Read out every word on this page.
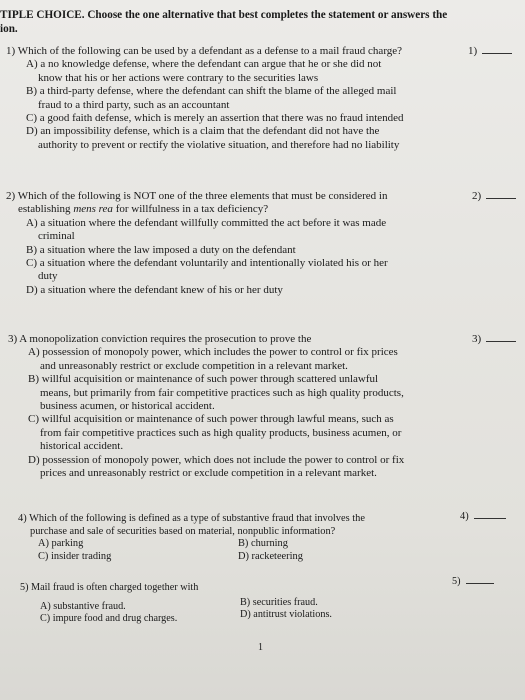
TIPLE CHOICE. Choose the one alternative that best completes the statement or answers the
ion.
1) Which of the following can be used by a defendant as a defense to a mail fraud charge?
A) a no knowledge defense, where the defendant can argue that he or she did not
know that his or her actions were contrary to the securities laws
B) a third-party defense, where the defendant can shift the blame of the alleged mail
fraud to a third party, such as an accountant
C) a good faith defense, which is merely an assertion that there was no fraud intended
D) an impossibility defense, which is a claim that the defendant did not have the
authority to prevent or rectify the violative situation, and therefore had no liability
1)
2) Which of the following is NOT one of the three elements that must be considered in
establishing mens rea for willfulness in a tax deficiency?
A) a situation where the defendant willfully committed the act before it was made
criminal
B) a situation where the law imposed a duty on the defendant
C) a situation where the defendant voluntarily and intentionally violated his or her
duty
D) a situation where the defendant knew of his or her duty
2)
3) A monopolization conviction requires the prosecution to prove the
A) possession of monopoly power, which includes the power to control or fix prices
and unreasonably restrict or exclude competition in a relevant market.
B) willful acquisition or maintenance of such power through scattered unlawful
means, but primarily from fair competitive practices such as high quality products,
business acumen, or historical accident.
C) willful acquisition or maintenance of such power through lawful means, such as
from fair competitive practices such as high quality products, business acumen, or
historical accident.
D) possession of monopoly power, which does not include the power to control or fix
prices and unreasonably restrict or exclude competition in a relevant market.
3)
4) Which of the following is defined as a type of substantive fraud that involves the
purchase and sale of securities based on material, nonpublic information?
A) parking	B) churning
C) insider trading	D) racketeering
4)
5) Mail fraud is often charged together with
A) substantive fraud.	B) securities fraud.
C) impure food and drug charges.	D) antitrust violations.
5)
1
